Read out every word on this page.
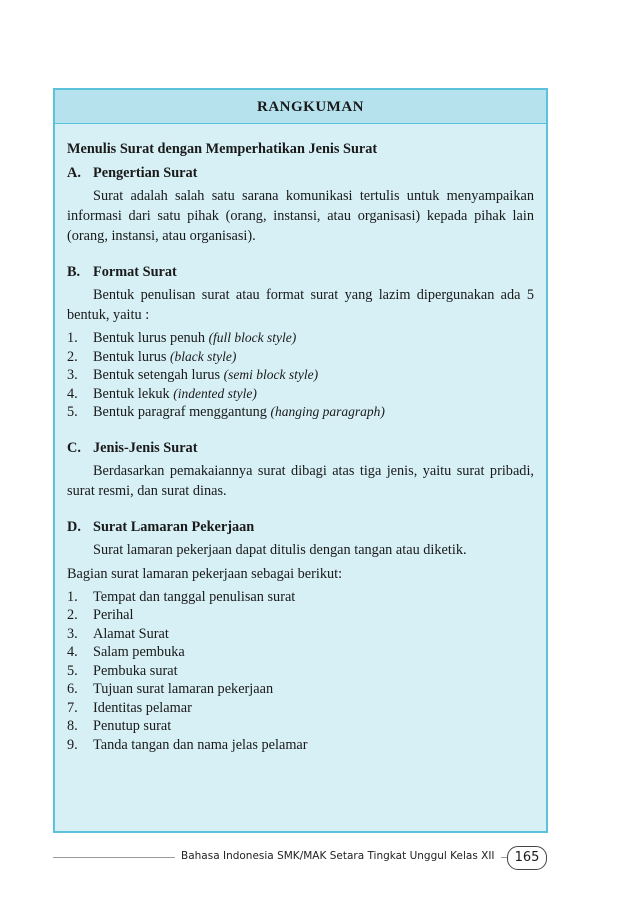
RANGKUMAN
Menulis Surat dengan Memperhatikan Jenis Surat
A. Pengertian Surat
Surat adalah salah satu sarana komunikasi tertulis untuk menyampaikan informasi dari satu pihak (orang, instansi, atau organisasi) kepada pihak lain (orang, instansi, atau organisasi).
B. Format Surat
Bentuk penulisan surat atau format surat yang lazim dipergunakan ada 5 bentuk, yaitu :
1.	Bentuk lurus penuh (full block style)
2.	Bentuk lurus (black style)
3.	Bentuk setengah lurus (semi block style)
4.	Bentuk lekuk (indented style)
5.	Bentuk paragraf menggantung (hanging paragraph)
C. Jenis-Jenis Surat
Berdasarkan pemakaiannya surat dibagi atas tiga jenis, yaitu surat pribadi, surat resmi, dan surat dinas.
D. Surat Lamaran Pekerjaan
Surat lamaran pekerjaan dapat ditulis dengan tangan atau diketik.
Bagian surat lamaran pekerjaan sebagai berikut:
1.	Tempat dan tanggal penulisan surat
2.	Perihal
3.	Alamat Surat
4.	Salam pembuka
5.	Pembuka surat
6.	Tujuan surat lamaran pekerjaan
7.	Identitas pelamar
8.	Penutup surat
9.	Tanda tangan dan nama jelas pelamar
Bahasa Indonesia SMK/MAK Setara Tingkat Unggul Kelas XII	165
